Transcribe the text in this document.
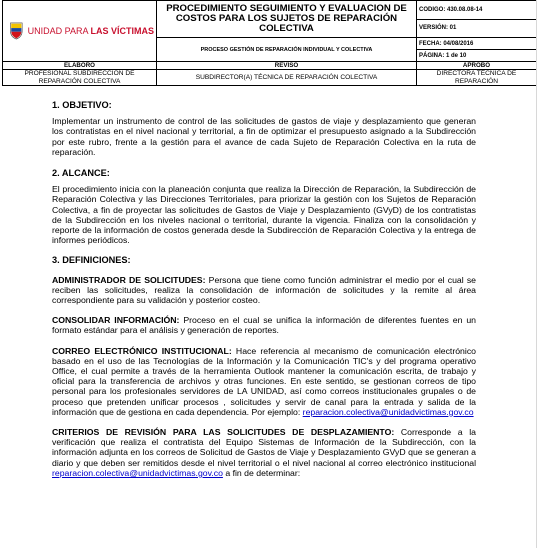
UNIDAD PARA LAS VÍCTIMAS	PROCEDIMIENTO SEGUIMIENTO Y EVALUACION DE COSTOS PARA LOS SUJETOS DE REPARACIÓN COLECTIVA	CODIGO: 430.08.08-14
		VERSIÓN: 01
	PROCESO GESTIÓN DE REPARACIÓN INDIVIDUAL Y COLECTIVA	FECHA: 04/08/2016
		PÁGINA: 1 de 10
ELABORÓ	REVISÓ	APROBÓ
PROFESIONAL SUBDIRECCIÓN DE REPARACIÓN COLECTIVA	SUBDIRECTOR(A) TÉCNICA DE REPARACIÓN COLECTIVA	DIRECTORA TÉCNICA DE REPARACIÓN
1. OBJETIVO:

Implementar un instrumento de control de las solicitudes de gastos de viaje y desplazamiento que generan los contratistas en el nivel nacional y territorial, a fin de optimizar el presupuesto asignado a la Subdirección por este rubro, frente a la gestión para el avance de cada Sujeto de Reparación Colectiva en la ruta de reparación.

2. ALCANCE:

El procedimiento inicia con la planeación conjunta que realiza la Dirección de Reparación, la Subdirección de Reparación Colectiva y las Direcciones Territoriales, para priorizar la gestión con los Sujetos de Reparación Colectiva, a fin de proyectar las solicitudes de Gastos de Viaje y Desplazamiento (GVyD) de los contratistas de la Subdirección en los niveles nacional o territorial, durante la vigencia. Finaliza con la consolidación y reporte de la información de costos generada desde la Subdirección de Reparación Colectiva y la entrega de informes periódicos.

3. DEFINICIONES:

ADMINISTRADOR DE SOLICITUDES: Persona que tiene como función administrar el medio por el cual se reciben las solicitudes, realiza la consolidación de información de solicitudes y la remite al área correspondiente para su validación y posterior costeo.

CONSOLIDAR INFORMACIÓN: Proceso en el cual se unifica la información de diferentes fuentes en un formato estándar para el análisis y generación de reportes.

CORREO ELECTRÓNICO INSTITUCIONAL: Hace referencia al mecanismo de comunicación electrónico basado en el uso de las Tecnologías de la Información y la Comunicación TIC's y del programa operativo Office, el cual permite a través de la herramienta Outlook mantener la comunicación escrita, de trabajo y oficial para la transferencia de archivos y otras funciones. En este sentido, se gestionan correos de tipo personal para los profesionales servidores de LA UNIDAD, así como correos institucionales grupales o de proceso que pretenden unificar procesos , solicitudes y servir de canal para la entrada y salida de la información que de gestiona en cada dependencia. Por ejemplo: reparacion.colectiva@unidadvictimas.gov.co

CRITERIOS DE REVISIÓN PARA LAS SOLICITUDES DE DESPLAZAMIENTO: Corresponde a la verificación que realiza el contratista del Equipo Sistemas de Información de la Subdirección, con la información adjunta en los correos de Solicitud de Gastos de Viaje y Desplazamiento GVyD que se generan a diario y que deben ser remitidos desde el nivel territorial o el nivel nacional al correo electrónico institucional reparacion.colectiva@unidadvictimas.gov.co a fin de determinar:
